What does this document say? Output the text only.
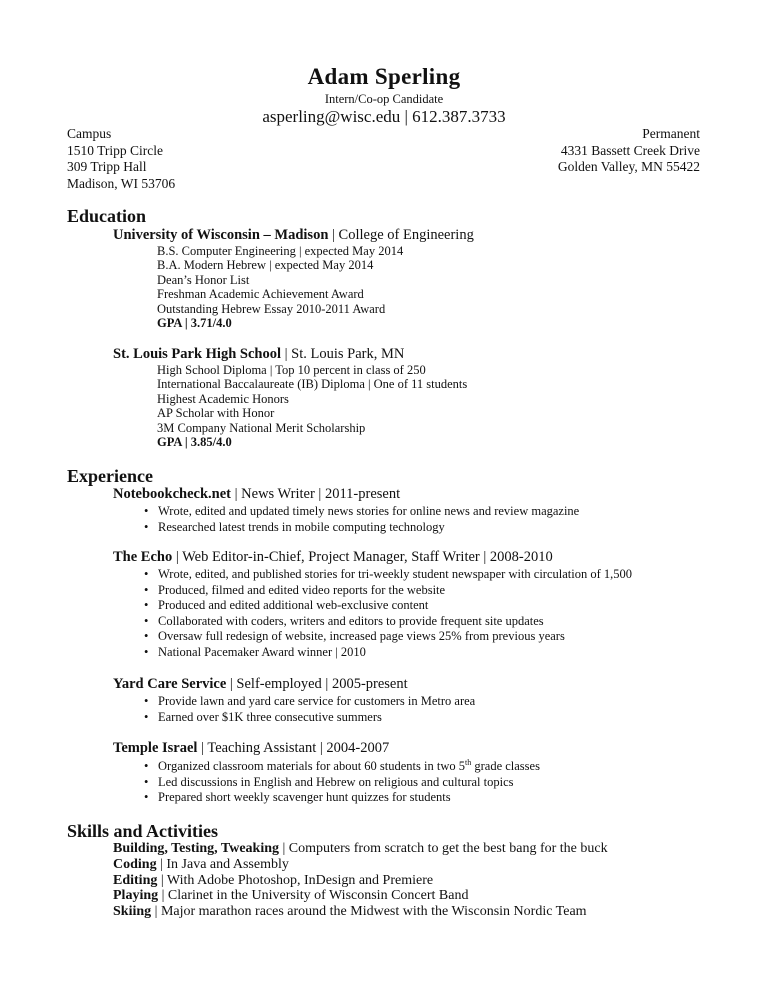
Adam Sperling
Intern/Co-op Candidate
asperling@wisc.edu | 612.387.3733
Campus
1510 Tripp Circle
309 Tripp Hall
Madison, WI 53706
Permanent
4331 Bassett Creek Drive
Golden Valley, MN 55422
Education
University of Wisconsin – Madison | College of Engineering
B.S. Computer Engineering | expected May 2014
B.A. Modern Hebrew | expected May 2014
Dean’s Honor List
Freshman Academic Achievement Award
Outstanding Hebrew Essay 2010-2011 Award
GPA | 3.71/4.0
St. Louis Park High School | St. Louis Park, MN
High School Diploma | Top 10 percent in class of 250
International Baccalaureate (IB) Diploma | One of 11 students
Highest Academic Honors
AP Scholar with Honor
3M Company National Merit Scholarship
GPA | 3.85/4.0
Experience
Notebookcheck.net | News Writer | 2011-present
• Wrote, edited and updated timely news stories for online news and review magazine
• Researched latest trends in mobile computing technology
The Echo | Web Editor-in-Chief, Project Manager, Staff Writer | 2008-2010
• Wrote, edited, and published stories for tri-weekly student newspaper with circulation of 1,500
• Produced, filmed and edited video reports for the website
• Produced and edited additional web-exclusive content
• Collaborated with coders, writers and editors to provide frequent site updates
• Oversaw full redesign of website, increased page views 25% from previous years
• National Pacemaker Award winner | 2010
Yard Care Service | Self-employed | 2005-present
• Provide lawn and yard care service for customers in Metro area
• Earned over $1K three consecutive summers
Temple Israel | Teaching Assistant | 2004-2007
• Organized classroom materials for about 60 students in two 5th grade classes
• Led discussions in English and Hebrew on religious and cultural topics
• Prepared short weekly scavenger hunt quizzes for students
Skills and Activities
Building, Testing, Tweaking | Computers from scratch to get the best bang for the buck
Coding | In Java and Assembly
Editing | With Adobe Photoshop, InDesign and Premiere
Playing | Clarinet in the University of Wisconsin Concert Band
Skiing | Major marathon races around the Midwest with the Wisconsin Nordic Team
